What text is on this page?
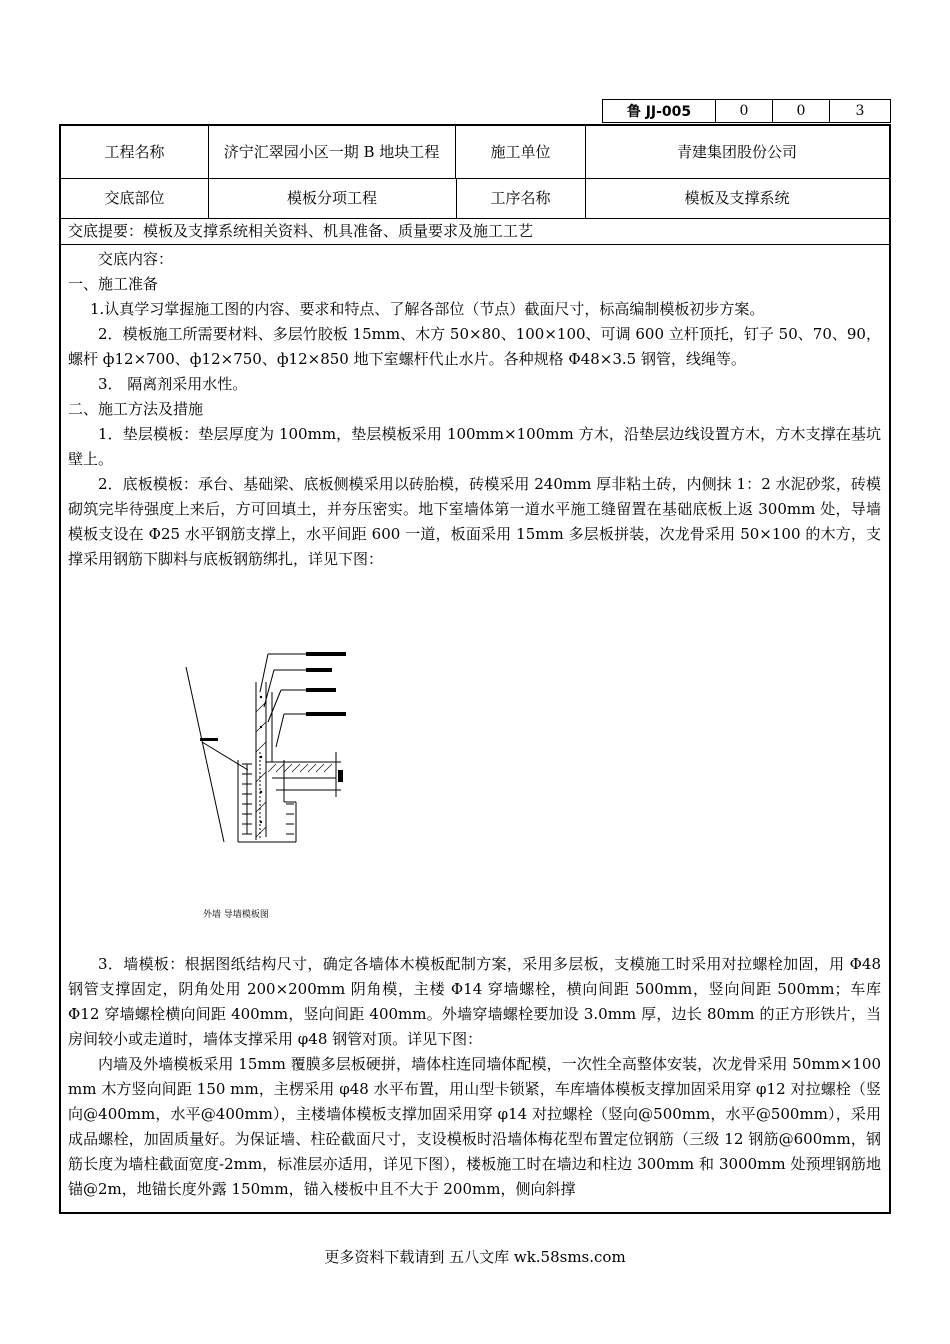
鲁 JJ-005	0	0	3
工程名称	济宁汇翠园小区一期 B 地块工程	施工单位	青建集团股份公司
交底部位	模板分项工程	工序名称	模板及支撑系统
交底提要：模板及支撑系统相关资料、机具准备、质量要求及施工工艺

交底内容：

一、施工准备

1.认真学习掌握施工图的内容、要求和特点、了解各部位（节点）截面尺寸，标高编制模板初步方案。

2．模板施工所需要材料、多层竹胶板 15mm、木方 50×80、100×100、可调 600 立杆顶托，钉子 50、70、90，螺杆 ф12×700、ф12×750、ф12×850 地下室螺杆代止水片。各种规格 Φ48×3.5 钢管，线绳等。

3． 隔离剂采用水性。

二、施工方法及措施

1．垫层模板：垫层厚度为 100mm，垫层模板采用 100mm×100mm 方木，沿垫层边线设置方木，方木支撑在基坑壁上。

2．底板模板：承台、基础梁、底板侧模采用以砖胎模，砖模采用 240mm 厚非粘土砖，内侧抹 1：2 水泥砂浆，砖模砌筑完毕待强度上来后，方可回填土，并夯压密实。地下室墙体第一道水平施工缝留置在基础底板上返 300mm 处，导墙模板支设在 Φ25 水平钢筋支撑上，水平间距 600 一道，板面采用 15mm 多层板拼装，次龙骨采用 50×100 的木方，支撑采用钢筋下脚料与底板钢筋绑扎，详见下图：

外墙 导墙模板图

3．墙模板：根据图纸结构尺寸，确定各墙体木模板配制方案，采用多层板，支模施工时采用对拉螺栓加固，用 Φ48 钢管支撑固定，阴角处用 200×200mm 阴角模，主楼 Φ14 穿墙螺栓，横向间距 500mm，竖向间距 500mm；车库 Φ12 穿墙螺栓横向间距 400mm，竖向间距 400mm。外墙穿墙螺栓要加设 3.0mm 厚，边长 80mm 的正方形铁片，当房间较小或走道时，墙体支撑采用 φ48 钢管对顶。详见下图：

内墙及外墙模板采用 15mm 覆膜多层板硬拼，墙体柱连同墙体配模，一次性全高整体安装，次龙骨采用 50mm×100 mm 木方竖向间距 150 mm，主楞采用 φ48 水平布置，用山型卡锁紧，车库墙体模板支撑加固采用穿 φ12 对拉螺栓（竖向@400mm，水平@400mm），主楼墙体模板支撑加固采用穿 φ14 对拉螺栓（竖向@500mm，水平@500mm），采用成品螺栓，加固质量好。为保证墙、柱砼截面尺寸，支设模板时沿墙体梅花型布置定位钢筋（三级 12 钢筋@600mm，钢筋长度为墙柱截面宽度-2mm，标准层亦适用，详见下图），楼板施工时在墙边和柱边 300mm 和 3000mm 处预埋钢筋地锚@2m，地锚长度外露 150mm，锚入楼板中且不大于 200mm，侧向斜撑

更多资料下载请到 五八文库 wk.58sms.com
